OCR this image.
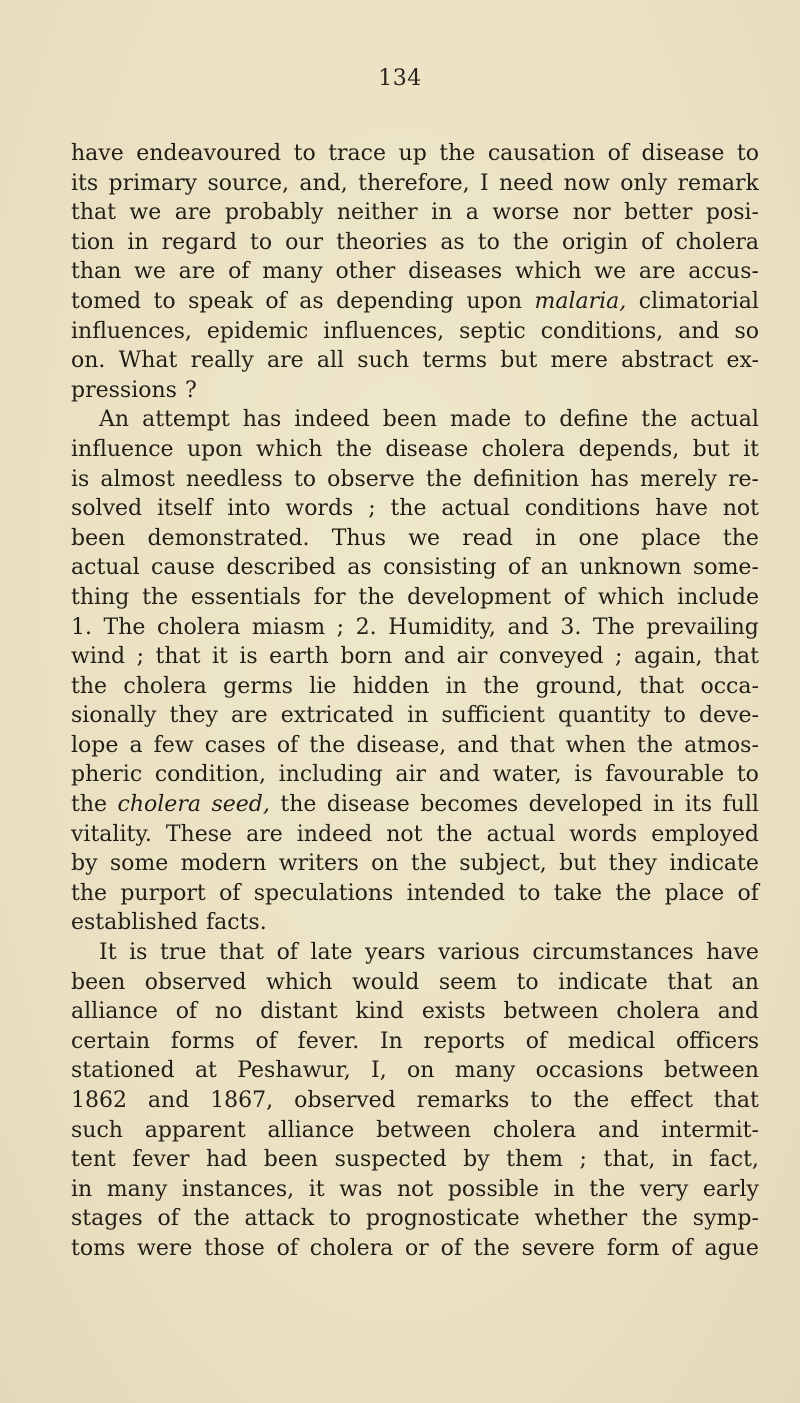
134
have endeavoured to trace up the causation of disease to
its primary source, and, therefore, I need now only remark
that we are probably neither in a worse nor better posi-
tion in regard to our theories as to the origin of cholera
than we are of many other diseases which we are accus-
tomed to speak of as depending upon malaria, climatorial
influences, epidemic influences, septic conditions, and so
on. What really are all such terms but mere abstract ex-
pressions ?
An attempt has indeed been made to define the actual
influence upon which the disease cholera depends, but it
is almost needless to observe the definition has merely re-
solved itself into words ; the actual conditions have not
been demonstrated. Thus we read in one place the
actual cause described as consisting of an unknown some-
thing the essentials for the development of which include
1. The cholera miasm ; 2. Humidity, and 3. The prevailing
wind ; that it is earth born and air conveyed ; again, that
the cholera germs lie hidden in the ground, that occa-
sionally they are extricated in sufficient quantity to deve-
lope a few cases of the disease, and that when the atmos-
pheric condition, including air and water, is favourable to
the cholera seed, the disease becomes developed in its full
vitality. These are indeed not the actual words employed
by some modern writers on the subject, but they indicate
the purport of speculations intended to take the place of
established facts.
It is true that of late years various circumstances have
been observed which would seem to indicate that an
alliance of no distant kind exists between cholera and
certain forms of fever. In reports of medical officers
stationed at Peshawur, I, on many occasions between
1862 and 1867, observed remarks to the effect that
such apparent alliance between cholera and intermit-
tent fever had been suspected by them ; that, in fact,
in many instances, it was not possible in the very early
stages of the attack to prognosticate whether the symp-
toms were those of cholera or of the severe form of ague
